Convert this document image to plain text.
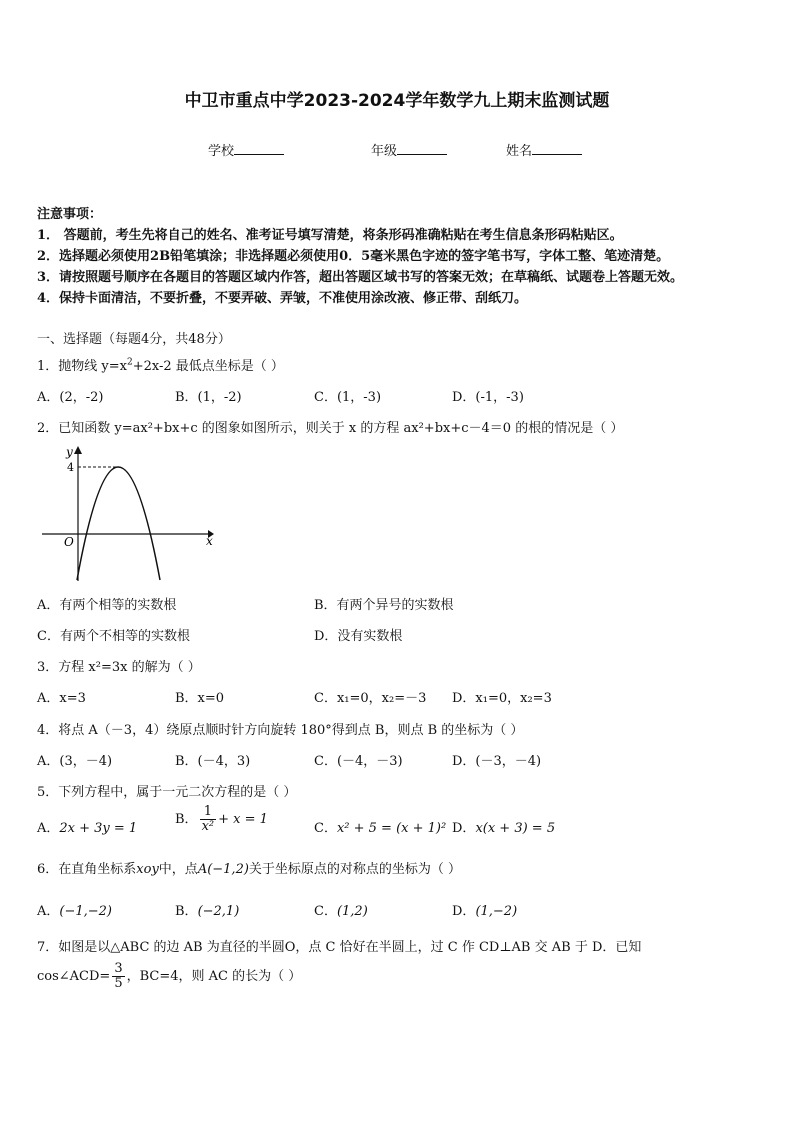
中卫市重点中学2023-2024学年数学九上期末监测试题
学校	年级	姓名
注意事项：
1． 答题前，考生先将自己的姓名、准考证号填写清楚，将条形码准确粘贴在考生信息条形码粘贴区。
2．选择题必须使用2B铅笔填涂；非选择题必须使用0．5毫米黑色字迹的签字笔书写，字体工整、笔迹清楚。
3．请按照题号顺序在各题目的答题区域内作答，超出答题区域书写的答案无效；在草稿纸、试题卷上答题无效。
4．保持卡面清洁，不要折叠，不要弄破、弄皱，不准使用涂改液、修正带、刮纸刀。
一、选择题（每题4分，共48分）
1．抛物线 $y=x^2+2x-2$ 最低点坐标是（ ）
A．(2，-2)	B．(1，-2)	C．(1，-3)	D．(-1，-3)
2．已知函数 y=ax²+bx+c 的图象如图所示，则关于 x 的方程 ax²+bx+c－4＝0 的根的情况是（ ）
y
x
O
4
A．有两个相等的实数根	B．有两个异号的实数根
C．有两个不相等的实数根	D．没有实数根
3．方程 x²=3x 的解为（ ）
A．x=3	B．x=0	C．x₁=0，x₂=－3 D．x₁=0，x₂=3
4．将点 A（－3，4）绕原点顺时针方向旋转 180°得到点 B，则点 B 的坐标为（ ）
A．(3，－4)	B．(－4，3)	C．(－4，－3)	D．(－3，－4)
5．下列方程中，属于一元二次方程的是（ ）
A．2x + 3y = 1
B． $\frac{1}{\text{x²}} + x = 1$
C．x² + 5 = (x + 1)² D．x(x + 3) = 5
6．在直角坐标系xoy中，点A(−1,2)关于坐标原点的对称点的坐标为（ ）
A．(−1,−2)	B．(−2,1)	C．(1,2)	D．(1,−2)
7．如图是以△ABC 的边 AB 为直径的半圆O，点 C 恰好在半圆上，过 C 作 CD⊥AB 交 AB 于 D．已知
cos∠ACD= $\frac{3}{5}$ ，BC=4，则 AC 的长为（ ）
